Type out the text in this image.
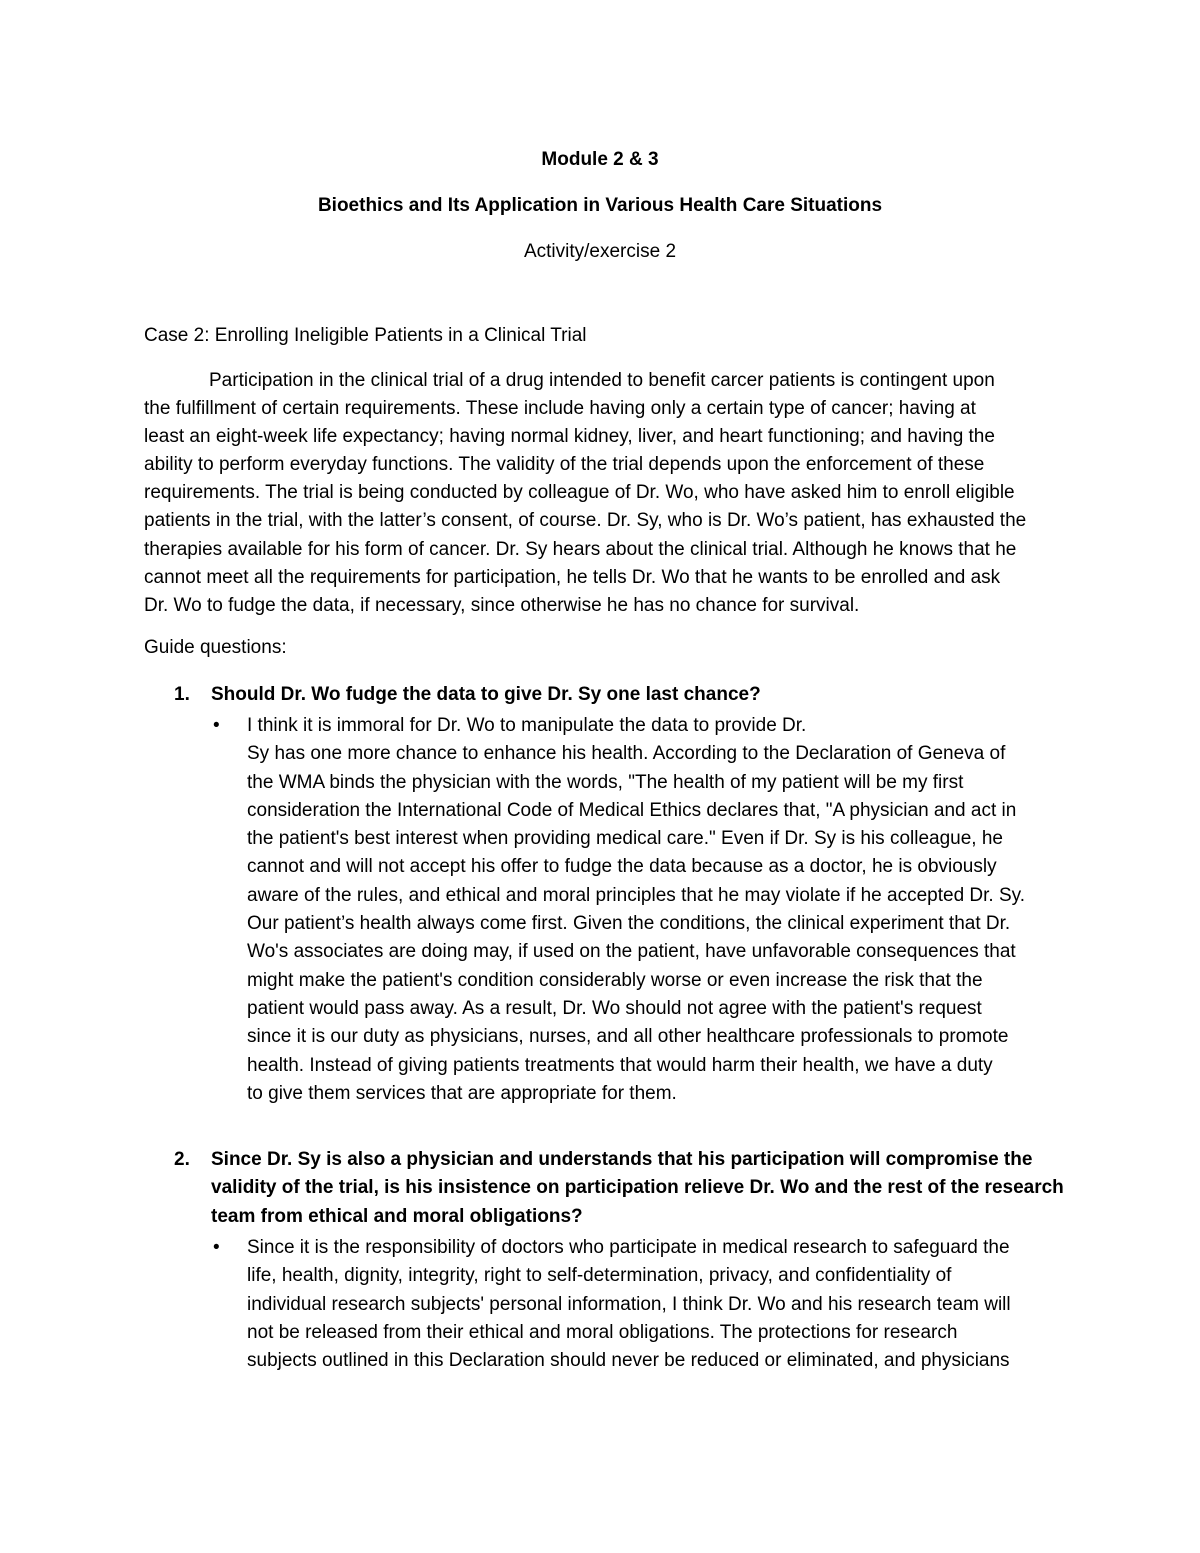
Module 2 & 3
Bioethics and Its Application in Various Health Care Situations
Activity/exercise 2
Case 2: Enrolling Ineligible Patients in a Clinical Trial
Participation in the clinical trial of a drug intended to benefit carcer patients is contingent upon
the fulfillment of certain requirements. These include having only a certain type of cancer; having at
least an eight-week life expectancy; having normal kidney, liver, and heart functioning; and having the
ability to perform everyday functions. The validity of the trial depends upon the enforcement of these
requirements. The trial is being conducted by colleague of Dr. Wo, who have asked him to enroll eligible
patients in the trial, with the latter’s consent, of course. Dr. Sy, who is Dr. Wo’s patient, has exhausted the
therapies available for his form of cancer. Dr. Sy hears about the clinical trial. Although he knows that he
cannot meet all the requirements for participation, he tells Dr. Wo that he wants to be enrolled and ask
Dr. Wo to fudge the data, if necessary, since otherwise he has no chance for survival.
Guide questions:
1. Should Dr. Wo fudge the data to give Dr. Sy one last chance?
• I think it is immoral for Dr. Wo to manipulate the data to provide Dr.
Sy has one more chance to enhance his health. According to the Declaration of Geneva of
the WMA binds the physician with the words, "The health of my patient will be my first
consideration the International Code of Medical Ethics declares that, "A physician and act in
the patient's best interest when providing medical care." Even if Dr. Sy is his colleague, he
cannot and will not accept his offer to fudge the data because as a doctor, he is obviously
aware of the rules, and ethical and moral principles that he may violate if he accepted Dr. Sy.
Our patient’s health always come first. Given the conditions, the clinical experiment that Dr.
Wo's associates are doing may, if used on the patient, have unfavorable consequences that
might make the patient's condition considerably worse or even increase the risk that the
patient would pass away. As a result, Dr. Wo should not agree with the patient's request
since it is our duty as physicians, nurses, and all other healthcare professionals to promote
health. Instead of giving patients treatments that would harm their health, we have a duty
to give them services that are appropriate for them.
2. Since Dr. Sy is also a physician and understands that his participation will compromise the
validity of the trial, is his insistence on participation relieve Dr. Wo and the rest of the research
team from ethical and moral obligations?
• Since it is the responsibility of doctors who participate in medical research to safeguard the
life, health, dignity, integrity, right to self-determination, privacy, and confidentiality of
individual research subjects' personal information, I think Dr. Wo and his research team will
not be released from their ethical and moral obligations. The protections for research
subjects outlined in this Declaration should never be reduced or eliminated, and physicians
